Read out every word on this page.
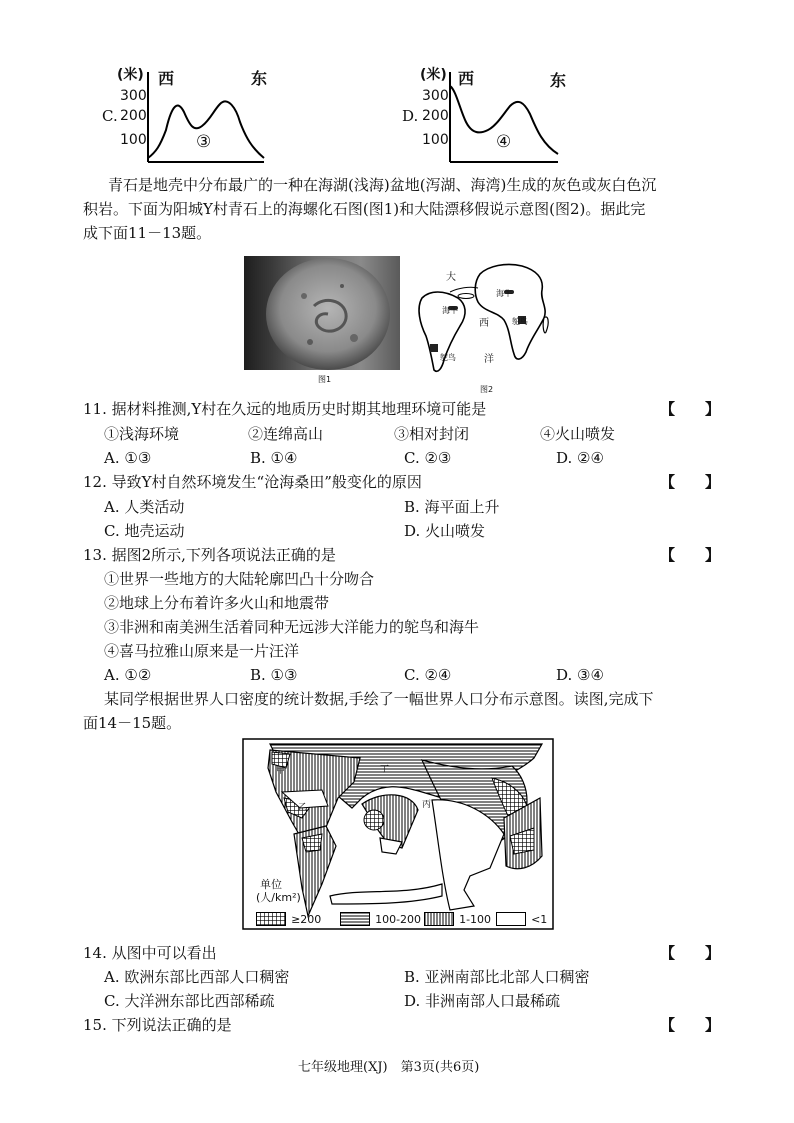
C.
(米) 西	东
300
200
100	③
D.
(米) 西	东
300
200
100	④
青石是地壳中分布最广的一种在海湖(浅海)盆地(泻湖、海湾)生成的灰色或灰白色沉
积岩。下面为阳城Y村青石上的海螺化石图(图1)和大陆漂移假说示意图(图2)。据此完
成下面11－13题。
图1
大
海牛
海牛
西	鸵鸟
鸵鸟	洋
图2
11. 据材料推测,Y村在久远的地质历史时期其地理环境可能是	【　　】
①浅海环境	②连绵高山	③相对封闭	④火山喷发
A. ①③	B. ①④	C. ②③	D. ②④
12. 导致Y村自然环境发生“沧海桑田”般变化的原因	【　　】
A. 人类活动	B. 海平面上升
C. 地壳运动	D. 火山喷发
13. 据图2所示,下列各项说法正确的是	【　　】
①世界一些地方的大陆轮廓凹凸十分吻合
②地球上分布着许多火山和地震带
③非洲和南美洲生活着同种无远涉大洋能力的鸵鸟和海牛
④喜马拉雅山原来是一片汪洋
A. ①②	B. ①③	C. ②④	D. ③④
某同学根据世界人口密度的统计数据,手绘了一幅世界人口分布示意图。读图,完成下
面14－15题。
甲	丁
乙	丙
单位
(人/km²)
≥200	100-200	1-100	<1
14. 从图中可以看出	【　　】
A. 欧洲东部比西部人口稠密	B. 亚洲南部比北部人口稠密
C. 大洋洲东部比西部稀疏	D. 非洲南部人口最稀疏
15. 下列说法正确的是	【　　】
七年级地理(XJ)　第3页(共6页)
